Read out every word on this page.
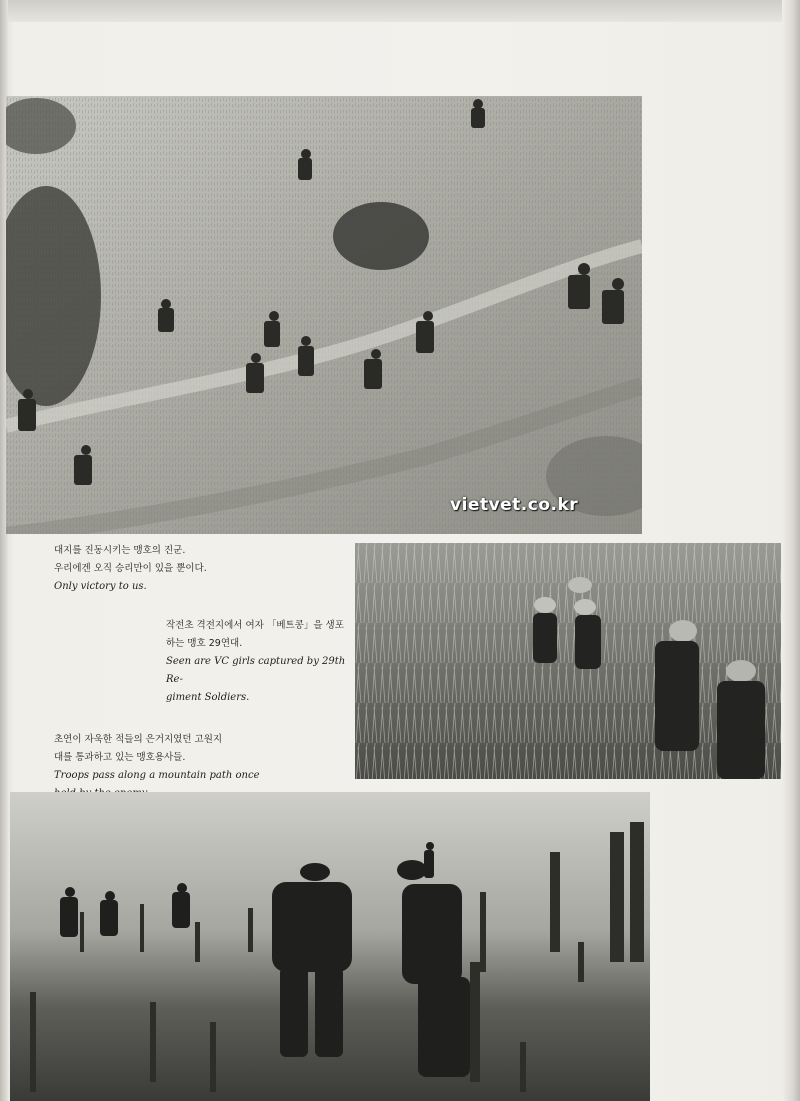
vietvet.co.kr
대지를 진동시키는 맹호의 진군.
우리에겐 오직 승리만이 있을 뿐이다.
Only victory to us.
작전초 격전지에서 여자 「베트콩」을 생포
하는 맹호 29연대.
Seen are VC girls captured by 29th Re-
giment Soldiers.
초연이 자욱한 적들의 은거지였던 고원지
대를 통과하고 있는 맹호용사들.
Troops pass along a mountain path once
